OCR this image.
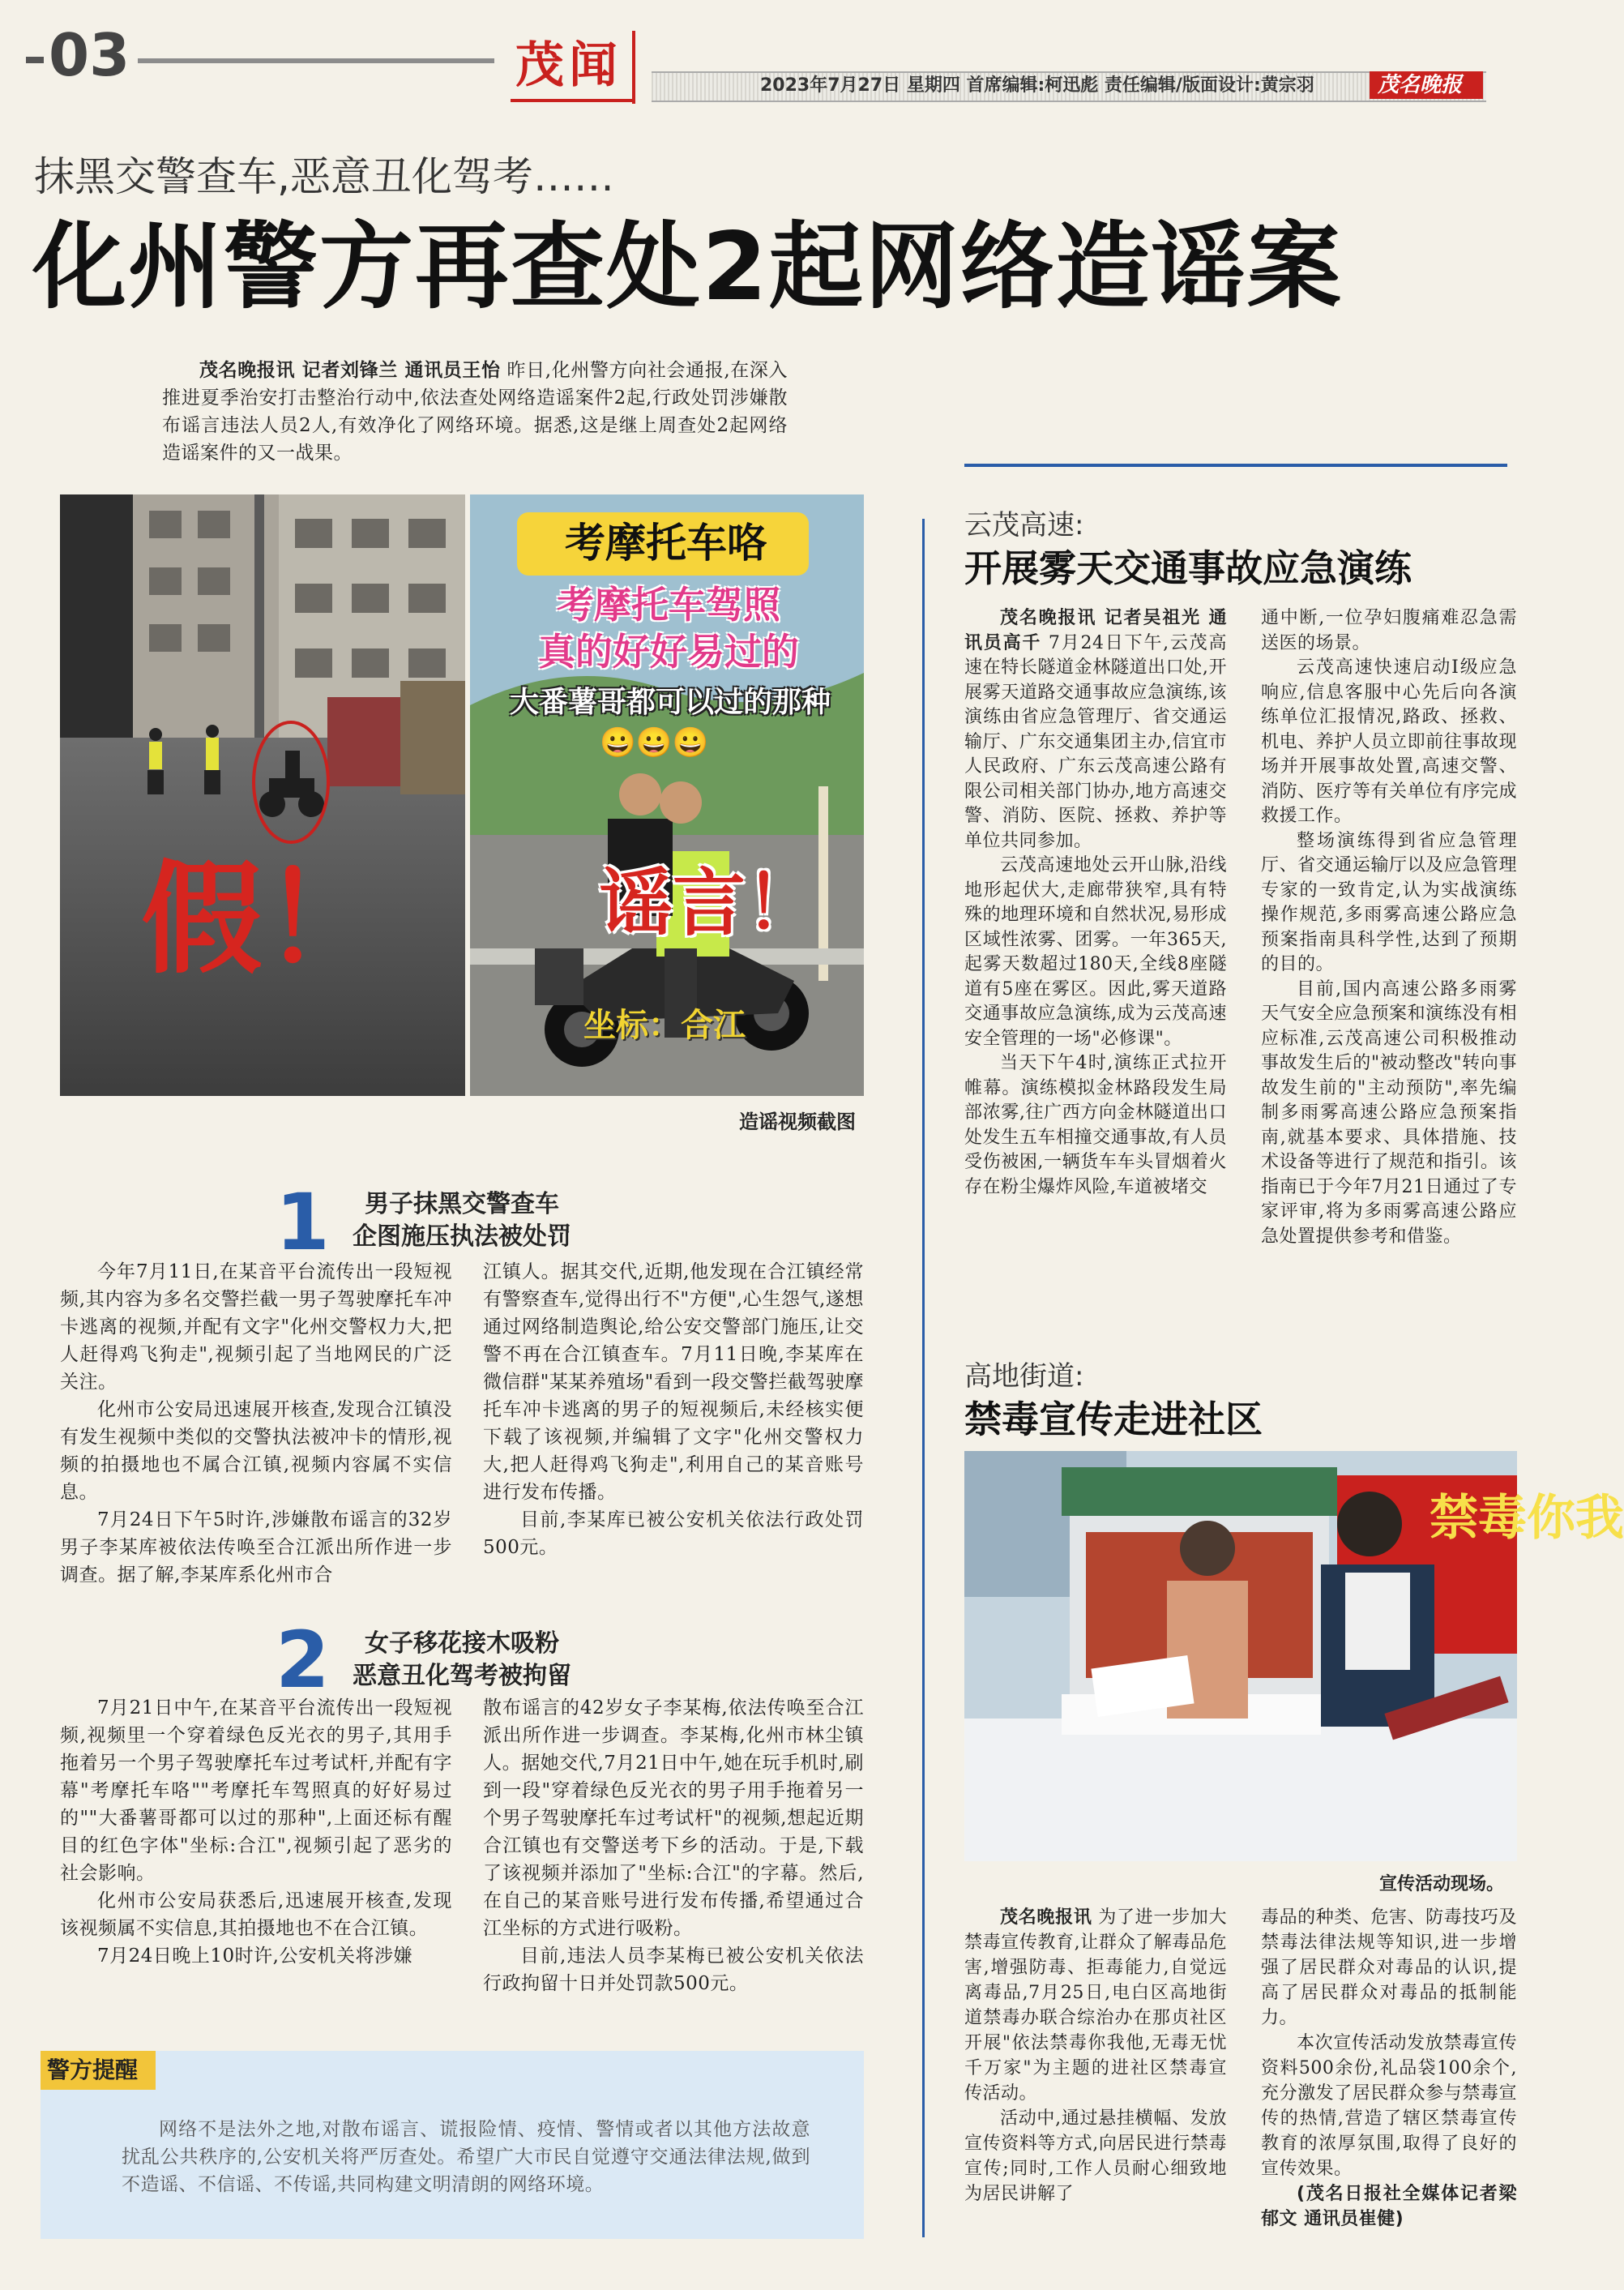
03	茂闻	2023年7月27日 星期四 首席编辑:柯迅彪 责任编辑/版面设计:黄宗羽	茂名晚报
抹黑交警查车,恶意丑化驾考……
化州警方再查处2起网络造谣案

茂名晚报讯 记者刘锋兰 通讯员王怡 昨日,化州警方向社会通报,在深入推进夏季治安打击整治行动中,依法查处网络造谣案件2起,行政处罚涉嫌散布谣言违法人员2人,有效净化了网络环境。据悉,这是继上周查处2起网络造谣案件的又一战果。

假！
考摩托车咯
考摩托车驾照
真的好好易过的
大番薯哥都可以过的那种
😀😀😀
谣言！
坐标：合江
造谣视频截图
1	男子抹黑交警查车
企图施压执法被处罚

今年7月11日,在某音平台流传出一段短视频,其内容为多名交警拦截一男子驾驶摩托车冲卡逃离的视频,并配有文字"化州交警权力大,把人赶得鸡飞狗走",视频引起了当地网民的广泛关注。

化州市公安局迅速展开核查,发现合江镇没有发生视频中类似的交警执法被冲卡的情形,视频的拍摄地也不属合江镇,视频内容属不实信息。

7月24日下午5时许,涉嫌散布谣言的32岁男子李某库被依法传唤至合江派出所作进一步调查。据了解,李某库系化州市合

江镇人。据其交代,近期,他发现在合江镇经常有警察查车,觉得出行不"方便",心生怨气,遂想通过网络制造舆论,给公安交警部门施压,让交警不再在合江镇查车。7月11日晚,李某库在微信群"某某养殖场"看到一段交警拦截驾驶摩托车冲卡逃离的男子的短视频后,未经核实便下载了该视频,并编辑了文字"化州交警权力大,把人赶得鸡飞狗走",利用自己的某音账号进行发布传播。

目前,李某库已被公安机关依法行政处罚500元。

2	女子移花接木吸粉
恶意丑化驾考被拘留

7月21日中午,在某音平台流传出一段短视频,视频里一个穿着绿色反光衣的男子,其用手拖着另一个男子驾驶摩托车过考试杆,并配有字幕"考摩托车咯""考摩托车驾照真的好好易过的""大番薯哥都可以过的那种",上面还标有醒目的红色字体"坐标:合江",视频引起了恶劣的社会影响。

化州市公安局获悉后,迅速展开核查,发现该视频属不实信息,其拍摄地也不在合江镇。

7月24日晚上10时许,公安机关将涉嫌

散布谣言的42岁女子李某梅,依法传唤至合江派出所作进一步调查。李某梅,化州市林尘镇人。据她交代,7月21日中午,她在玩手机时,刷到一段"穿着绿色反光衣的男子用手拖着另一个男子驾驶摩托车过考试杆"的视频,想起近期合江镇也有交警送考下乡的活动。于是,下载了该视频并添加了"坐标:合江"的字幕。然后,在自己的某音账号进行发布传播,希望通过合江坐标的方式进行吸粉。

目前,违法人员李某梅已被公安机关依法行政拘留十日并处罚款500元。

警方提醒

网络不是法外之地,对散布谣言、谎报险情、疫情、警情或者以其他方法故意扰乱公共秩序的,公安机关将严厉查处。希望广大市民自觉遵守交通法律法规,做到不造谣、不信谣、不传谣,共同构建文明清朗的网络环境。

云茂高速:
开展雾天交通事故应急演练

茂名晚报讯 记者吴祖光 通讯员高千 7月24日下午,云茂高速在特长隧道金林隧道出口处,开展雾天道路交通事故应急演练,该演练由省应急管理厅、省交通运输厅、广东交通集团主办,信宜市人民政府、广东云茂高速公路有限公司相关部门协办,地方高速交警、消防、医院、拯救、养护等单位共同参加。

云茂高速地处云开山脉,沿线地形起伏大,走廊带狭窄,具有特殊的地理环境和自然状况,易形成区域性浓雾、团雾。一年365天,起雾天数超过180天,全线8座隧道有5座在雾区。因此,雾天道路交通事故应急演练,成为云茂高速安全管理的一场"必修课"。

当天下午4时,演练正式拉开帷幕。演练模拟金林路段发生局部浓雾,往广西方向金林隧道出口处发生五车相撞交通事故,有人员受伤被困,一辆货车车头冒烟着火存在粉尘爆炸风险,车道被堵交

通中断,一位孕妇腹痛难忍急需送医的场景。

云茂高速快速启动Ⅰ级应急响应,信息客服中心先后向各演练单位汇报情况,路政、拯救、机电、养护人员立即前往事故现场并开展事故处置,高速交警、消防、医疗等有关单位有序完成救援工作。

整场演练得到省应急管理厅、省交通运输厅以及应急管理专家的一致肯定,认为实战演练操作规范,多雨雾高速公路应急预案指南具科学性,达到了预期的目的。

目前,国内高速公路多雨雾天气安全应急预案和演练没有相应标准,云茂高速公司积极推动事故发生后的"被动整改"转向事故发生前的"主动预防",率先编制多雨雾高速公路应急预案指南,就基本要求、具体措施、技术设备等进行了规范和指引。该指南已于今年7月21日通过了专家评审,将为多雨雾高速公路应急处置提供参考和借鉴。

高地街道:
禁毒宣传走进社区
禁毒你我
宣传活动现场。

茂名晚报讯 为了进一步加大禁毒宣传教育,让群众了解毒品危害,增强防毒、拒毒能力,自觉远离毒品,7月25日,电白区高地街道禁毒办联合综治办在那贞社区开展"依法禁毒你我他,无毒无忧千万家"为主题的进社区禁毒宣传活动。

活动中,通过悬挂横幅、发放宣传资料等方式,向居民进行禁毒宣传;同时,工作人员耐心细致地为居民讲解了

毒品的种类、危害、防毒技巧及禁毒法律法规等知识,进一步增强了居民群众对毒品的认识,提高了居民群众对毒品的抵制能力。

本次宣传活动发放禁毒宣传资料500余份,礼品袋100余个,充分激发了居民群众参与禁毒宣传的热情,营造了辖区禁毒宣传教育的浓厚氛围,取得了良好的宣传效果。

(茂名日报社全媒体记者梁郁文 通讯员崔健)
